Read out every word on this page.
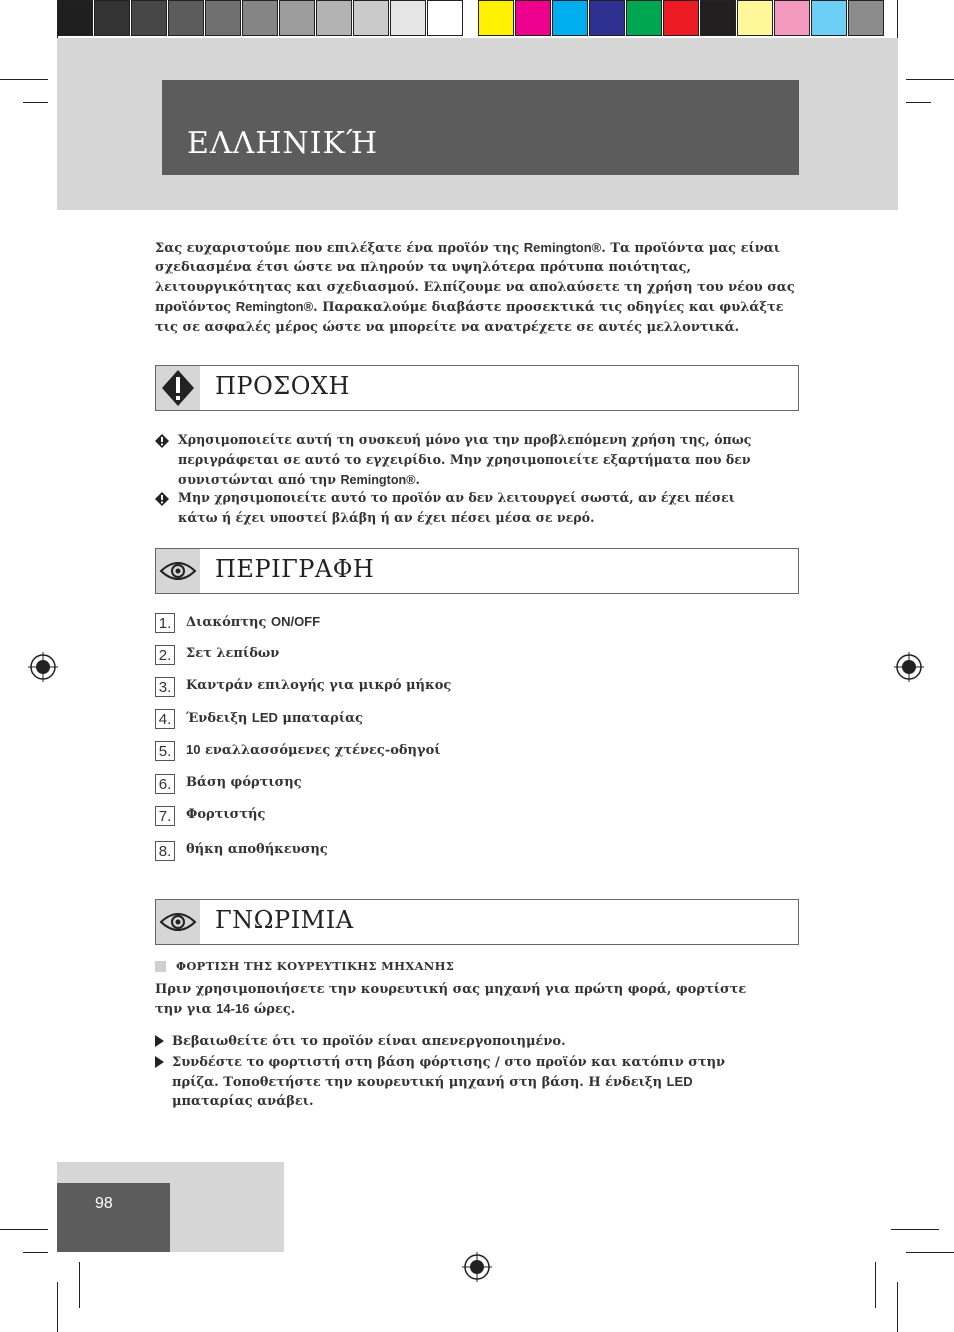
ΕΛΛΗΝΙΚΉ
Σας ευχαριστούμε που επιλέξατε ένα προϊόν της Remington®. Τα προϊόντα μας είναι σχεδιασμένα έτσι ώστε να πληρούν τα υψηλότερα πρότυπα ποιότητας, λειτουργικότητας και σχεδιασμού. Ελπίζουμε να απολαύσετε τη χρήση του νέου σας προϊόντος Remington®. Παρακαλούμε διαβάστε προσεκτικά τις οδηγίες και φυλάξτε τις σε ασφαλές μέρος ώστε να μπορείτε να ανατρέχετε σε αυτές μελλοντικά.
ΠΡΟΣΟΧΗ
Χρησιμοποιείτε αυτή τη συσκευή μόνο για την προβλεπόμενη χρήση της, όπως περιγράφεται σε αυτό το εγχειρίδιο. Μην χρησιμοποιείτε εξαρτήματα που δεν συνιστώνται από την Remington®.
Μην χρησιμοποιείτε αυτό το προϊόν αν δεν λειτουργεί σωστά, αν έχει πέσει κάτω ή έχει υποστεί βλάβη ή αν έχει πέσει μέσα σε νερό.
ΠΕΡΙΓΡΑΦΗ
1. Διακόπτης ON/OFF
2. Σετ λεπίδων
3. Καντράν επιλογής για μικρό μήκος
4. Ένδειξη LED μπαταρίας
5. 10 εναλλασσόμενες χτένες-οδηγοί
6. Βάση φόρτισης
7. Φορτιστής
8. θήκη αποθήκευσης
ΓΝΩΡΙΜΙΑ
ΦΟΡΤΙΣΗ ΤΗΣ ΚΟΥΡΕΥΤΙΚΗΣ ΜΗΧΑΝΗΣ
Πριν χρησιμοποιήσετε την κουρευτική σας μηχανή για πρώτη φορά, φορτίστε την για 14-16 ώρες.
Βεβαιωθείτε ότι το προϊόν είναι απενεργοποιημένο.
Συνδέστε το φορτιστή στη βάση φόρτισης / στο προϊόν και κατόπιν στην πρίζα. Τοποθετήστε την κουρευτική μηχανή στη βάση. Η ένδειξη LED μπαταρίας ανάβει.
98
